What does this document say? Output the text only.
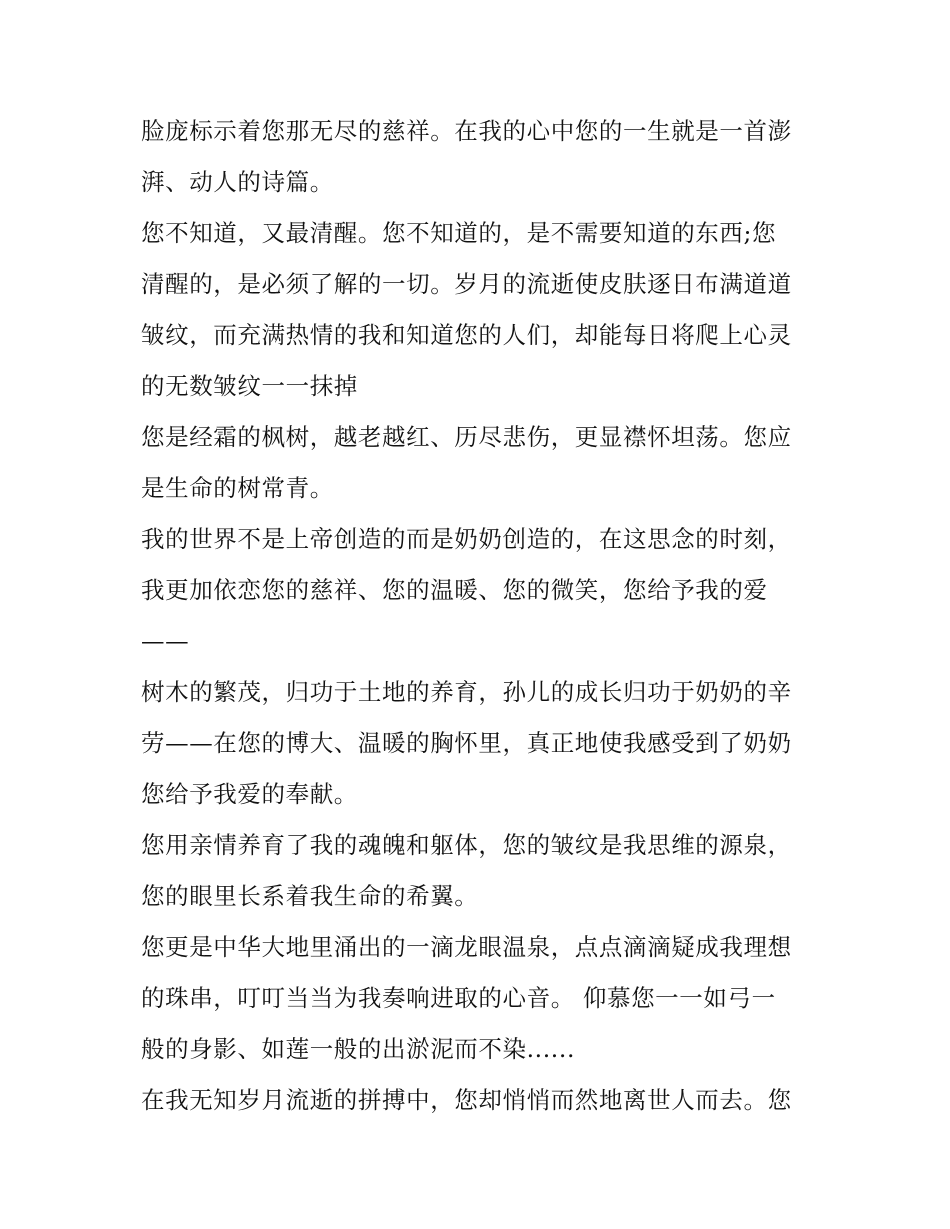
脸庞标示着您那无尽的慈祥。在我的心中您的一生就是一首澎
湃、动人的诗篇。

您不知道，又最清醒。您不知道的，是不需要知道的东西;您
清醒的，是必须了解的一切。岁月的流逝使皮肤逐日布满道道
皱纹，而充满热情的我和知道您的人们，却能每日将爬上心灵
的无数皱纹一一抹掉

您是经霜的枫树，越老越红、历尽悲伤，更显襟怀坦荡。您应
是生命的树常青。

我的世界不是上帝创造的而是奶奶创造的，在这思念的时刻，
我更加依恋您的慈祥、您的温暖、您的微笑，您给予我的爱
——

树木的繁茂，归功于土地的养育，孙儿的成长归功于奶奶的辛
劳——在您的博大、温暖的胸怀里，真正地使我感受到了奶奶
您给予我爱的奉献。

您用亲情养育了我的魂魄和躯体，您的皱纹是我思维的源泉，
您的眼里长系着我生命的希翼。

您更是中华大地里涌出的一滴龙眼温泉，点点滴滴疑成我理想
的珠串，叮叮当当为我奏响进取的心音。 仰慕您一一如弓一
般的身影、如莲一般的出淤泥而不染......

在我无知岁月流逝的拼搏中，您却悄悄而然地离世人而去。您
